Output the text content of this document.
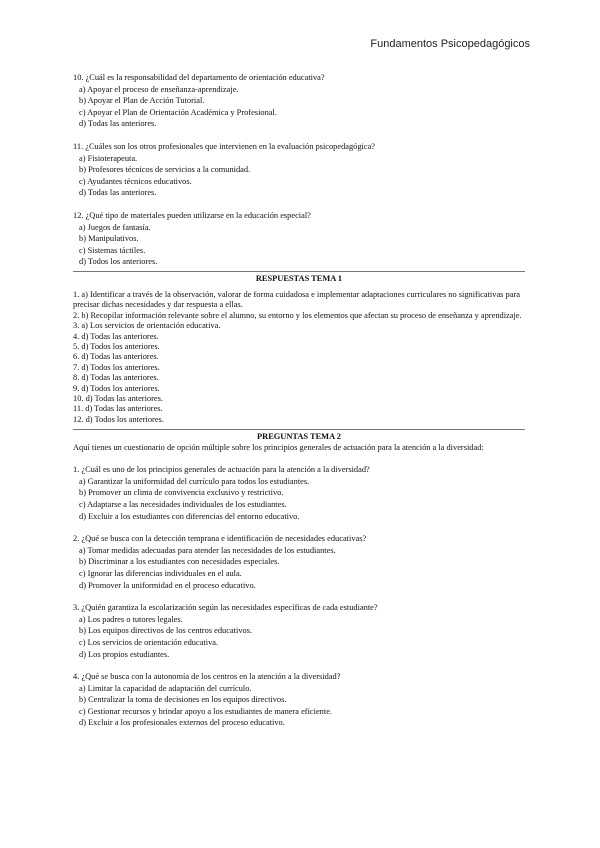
Fundamentos Psicopedagógicos
10. ¿Cuál es la responsabilidad del departamento de orientación educativa?
a) Apoyar el proceso de enseñanza-aprendizaje.
b) Apoyar el Plan de Acción Tutorial.
c) Apoyar el Plan de Orientación Académica y Profesional.
d) Todas las anteriores.
11. ¿Cuáles son los otros profesionales que intervienen en la evaluación psicopedagógica?
a) Fisioterapeuta.
b) Profesores técnicos de servicios a la comunidad.
c) Ayudantes técnicos educativos.
d) Todas las anteriores.
12. ¿Qué tipo de materiales pueden utilizarse en la educación especial?
a) Juegos de fantasía.
b) Manipulativos.
c) Sistemas táctiles.
d) Todos los anteriores.
RESPUESTAS TEMA 1
1. a) Identificar a través de la observación, valorar de forma cuidadosa e implementar adaptaciones curriculares no significativas para precisar dichas necesidades y dar respuesta a ellas.
2. b) Recopilar información relevante sobre el alumno, su entorno y los elementos que afectan su proceso de enseñanza y aprendizaje.
3. a) Los servicios de orientación educativa.
4. d) Todas las anteriores.
5. d) Todos los anteriores.
6. d) Todas las anteriores.
7. d) Todos los anteriores.
8. d) Todas las anteriores.
9. d) Todos los anteriores.
10. d) Todas las anteriores.
11. d) Todas las anteriores.
12. d) Todos los anteriores.
PREGUNTAS TEMA 2
Aquí tienes un cuestionario de opción múltiple sobre los principios generales de actuación para la atención a la diversidad:
1. ¿Cuál es uno de los principios generales de actuación para la atención a la diversidad?
a) Garantizar la uniformidad del currículo para todos los estudiantes.
b) Promover un clima de convivencia exclusivo y restrictivo.
c) Adaptarse a las necesidades individuales de los estudiantes.
d) Excluir a los estudiantes con diferencias del entorno educativo.
2. ¿Qué se busca con la detección temprana e identificación de necesidades educativas?
a) Tomar medidas adecuadas para atender las necesidades de los estudiantes.
b) Discriminar a los estudiantes con necesidades especiales.
c) Ignorar las diferencias individuales en el aula.
d) Promover la uniformidad en el proceso educativo.
3. ¿Quién garantiza la escolarización según las necesidades específicas de cada estudiante?
a) Los padres o tutores legales.
b) Los equipos directivos de los centros educativos.
c) Los servicios de orientación educativa.
d) Los propios estudiantes.
4. ¿Qué se busca con la autonomía de los centros en la atención a la diversidad?
a) Limitar la capacidad de adaptación del currículo.
b) Centralizar la toma de decisiones en los equipos directivos.
c) Gestionar recursos y brindar apoyo a los estudiantes de manera eficiente.
d) Excluir a los profesionales externos del proceso educativo.
